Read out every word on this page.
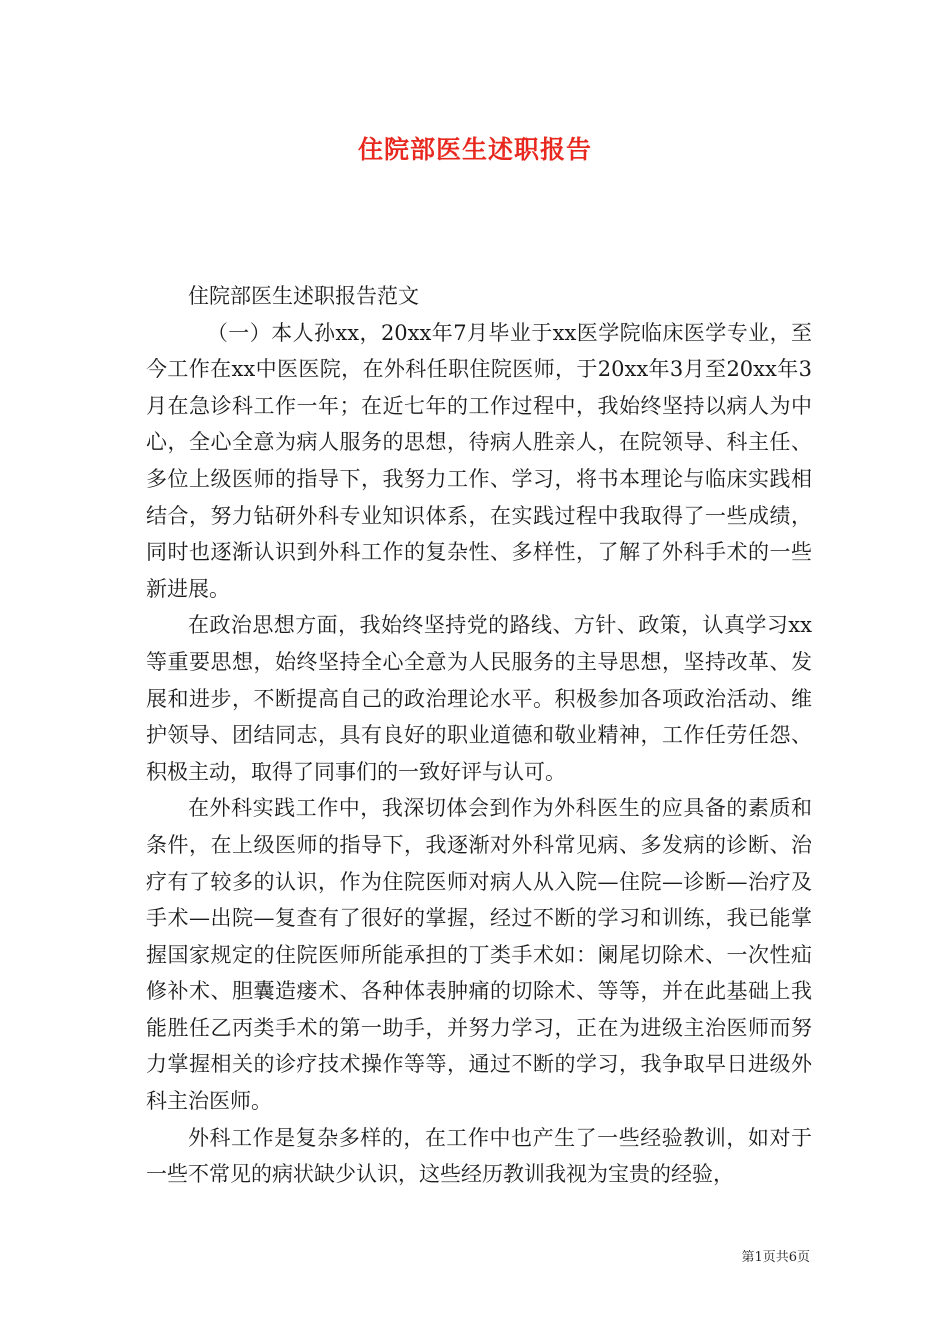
住院部医生述职报告

住院部医生述职报告范文

（一）本人孙xx，20xx年7月毕业于xx医学院临床医学专业，至今工作在xx中医医院，在外科任职住院医师，于20xx年3月至20xx年3月在急诊科工作一年；在近七年的工作过程中，我始终坚持以病人为中心，全心全意为病人服务的思想，待病人胜亲人，在院领导、科主任、多位上级医师的指导下，我努力工作、学习，将书本理论与临床实践相结合，努力钻研外科专业知识体系，在实践过程中我取得了一些成绩，同时也逐渐认识到外科工作的复杂性、多样性，了解了外科手术的一些新进展。

在政治思想方面，我始终坚持党的路线、方针、政策，认真学习xx等重要思想，始终坚持全心全意为人民服务的主导思想，坚持改革、发展和进步，不断提高自己的政治理论水平。积极参加各项政治活动、维护领导、团结同志，具有良好的职业道德和敬业精神，工作任劳任怨、积极主动，取得了同事们的一致好评与认可。

在外科实践工作中，我深切体会到作为外科医生的应具备的素质和条件，在上级医师的指导下，我逐渐对外科常见病、多发病的诊断、治疗有了较多的认识，作为住院医师对病人从入院—住院—诊断—治疗及手术—出院—复查有了很好的掌握，经过不断的学习和训练，我已能掌握国家规定的住院医师所能承担的丁类手术如：阑尾切除术、一次性疝修补术、胆囊造瘘术、各种体表肿痛的切除术、等等，并在此基础上我能胜任乙丙类手术的第一助手，并努力学习，正在为进级主治医师而努力掌握相关的诊疗技术操作等等，通过不断的学习，我争取早日进级外科主治医师。

外科工作是复杂多样的，在工作中也产生了一些经验教训，如对于一些不常见的病状缺少认识，这些经历教训我视为宝贵的经验，

第1页共6页
